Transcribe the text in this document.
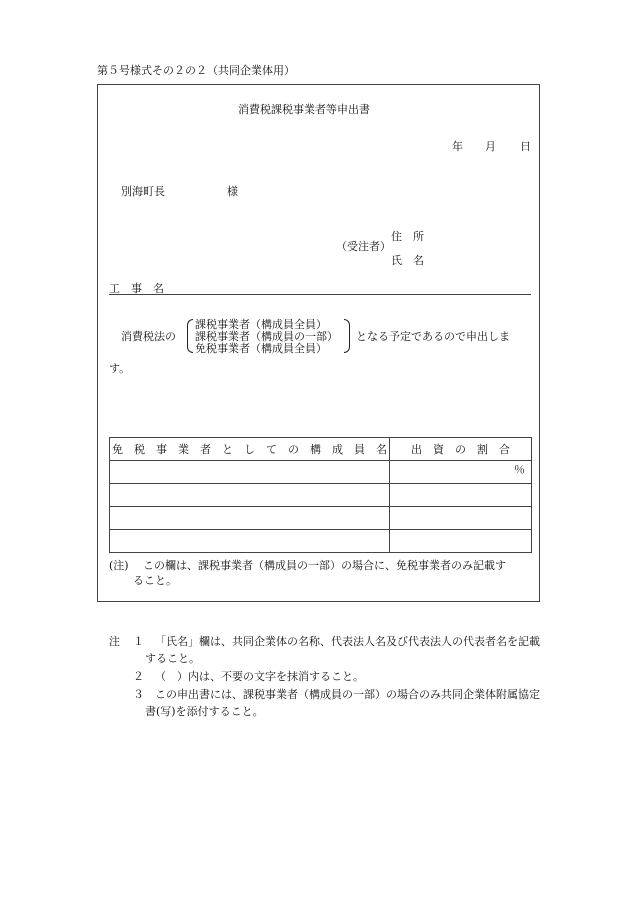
第５号様式その２の２（共同企業体用）
消費税課税事業者等申出書
年 月 日
別海町長	様
住　所
（受注者）
氏　名
工　事　名
消費税法の
課税事業者（構成員全員）
課税事業者（構成員の一部）
免税事業者（構成員全員）
となる予定であるので申出しま
す。
免　税　事　業　者　と　し　て　の　構　成　員　名	出　資　の　割　合
	％

(注) この欄は、課税事業者（構成員の一部）の場合に、免税事業者のみ記載す
ること。
注 １ 「氏名」欄は、共同企業体の名称、代表法人名及び代表法人の代表者名を記載
すること。
２ （　）内は、不要の文字を抹消すること。
３ この申出書には、課税事業者（構成員の一部）の場合のみ共同企業体附属協定
書(写)を添付すること。
